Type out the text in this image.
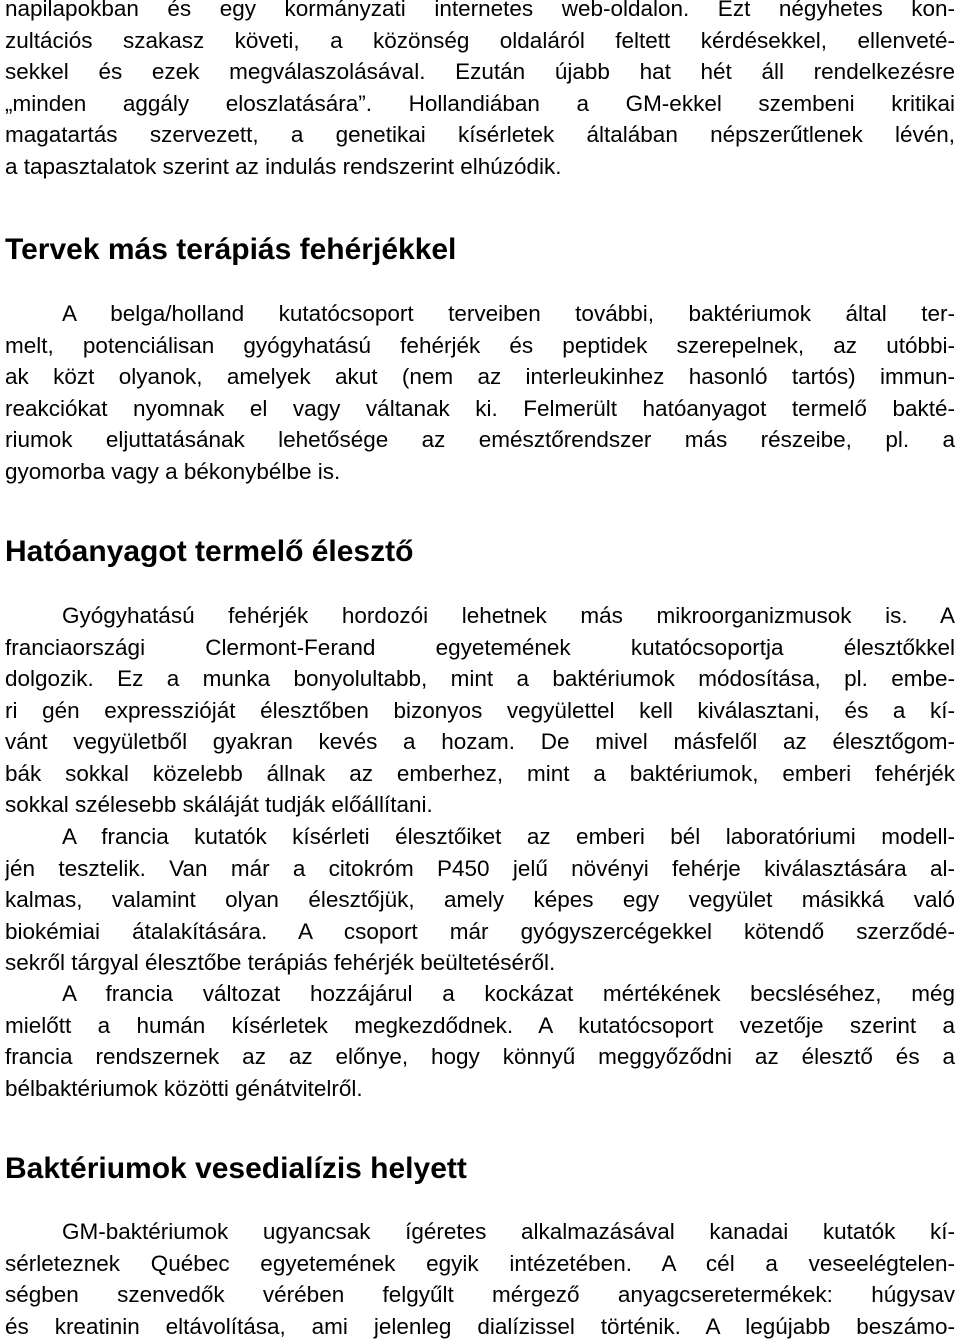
napilapokban és egy kormányzati internetes web-oldalon. Ezt négyhetes kon-
zultációs szakasz követi, a közönség oldaláról feltett kérdésekkel, ellenveté-
sekkel és ezek megválaszolásával. Ezután újabb hat hét áll rendelkezésre
„minden aggály eloszlatására”. Hollandiában a GM-ekkel szembeni kritikai
magatartás szervezett, a genetikai kísérletek általában népszerűtlenek lévén,
a tapasztalatok szerint az indulás rendszerint elhúzódik.
Tervek más terápiás fehérjékkel
A belga/holland kutatócsoport terveiben további, baktériumok által ter-
melt, potenciálisan gyógyhatású fehérjék és peptidek szerepelnek, az utóbbi-
ak közt olyanok, amelyek akut (nem az interleukinhez hasonló tartós) immun-
reakciókat nyomnak el vagy váltanak ki. Felmerült hatóanyagot termelő bakté-
riumok eljuttatásának lehetősége az emésztőrendszer más részeibe, pl. a
gyomorba vagy a békonybélbe is.
Hatóanyagot termelő élesztő
Gyógyhatású fehérjék hordozói lehetnek más mikroorganizmusok is. A
franciaországi Clermont-Ferand egyetemének kutatócsoportja élesztőkkel
dolgozik. Ez a munka bonyolultabb, mint a baktériumok módosítása, pl. embe-
ri gén expresszióját élesztőben bizonyos vegyülettel kell kiválasztani, és a kí-
vánt vegyületből gyakran kevés a hozam. De mivel másfelől az élesztőgom-
bák sokkal közelebb állnak az emberhez, mint a baktériumok, emberi fehérjék
sokkal szélesebb skáláját tudják előállítani.
A francia kutatók kísérleti élesztőiket az emberi bél laboratóriumi modell-
jén tesztelik. Van már a citokróm P450 jelű növényi fehérje kiválasztására al-
kalmas, valamint olyan élesztőjük, amely képes egy vegyület másikká való
biokémiai átalakítására. A csoport már gyógyszercégekkel kötendő szerződé-
sekről tárgyal élesztőbe terápiás fehérjék beültetéséről.
A francia változat hozzájárul a kockázat mértékének becsléséhez, még
mielőtt a humán kísérletek megkezdődnek. A kutatócsoport vezetője szerint a
francia rendszernek az az előnye, hogy könnyű meggyőződni az élesztő és a
bélbaktériumok közötti génátvitelről.
Baktériumok vesedialízis helyett
GM-baktériumok ugyancsak ígéretes alkalmazásával kanadai kutatók kí-
sérleteznek Québec egyetemének egyik intézetében. A cél a veseelégtelen-
ségben szenvedők vérében felgyűlt mérgező anyagcseretermékek: húgysav
és kreatinin eltávolítása, ami jelenleg dialízissel történik. A legújabb beszámo-
